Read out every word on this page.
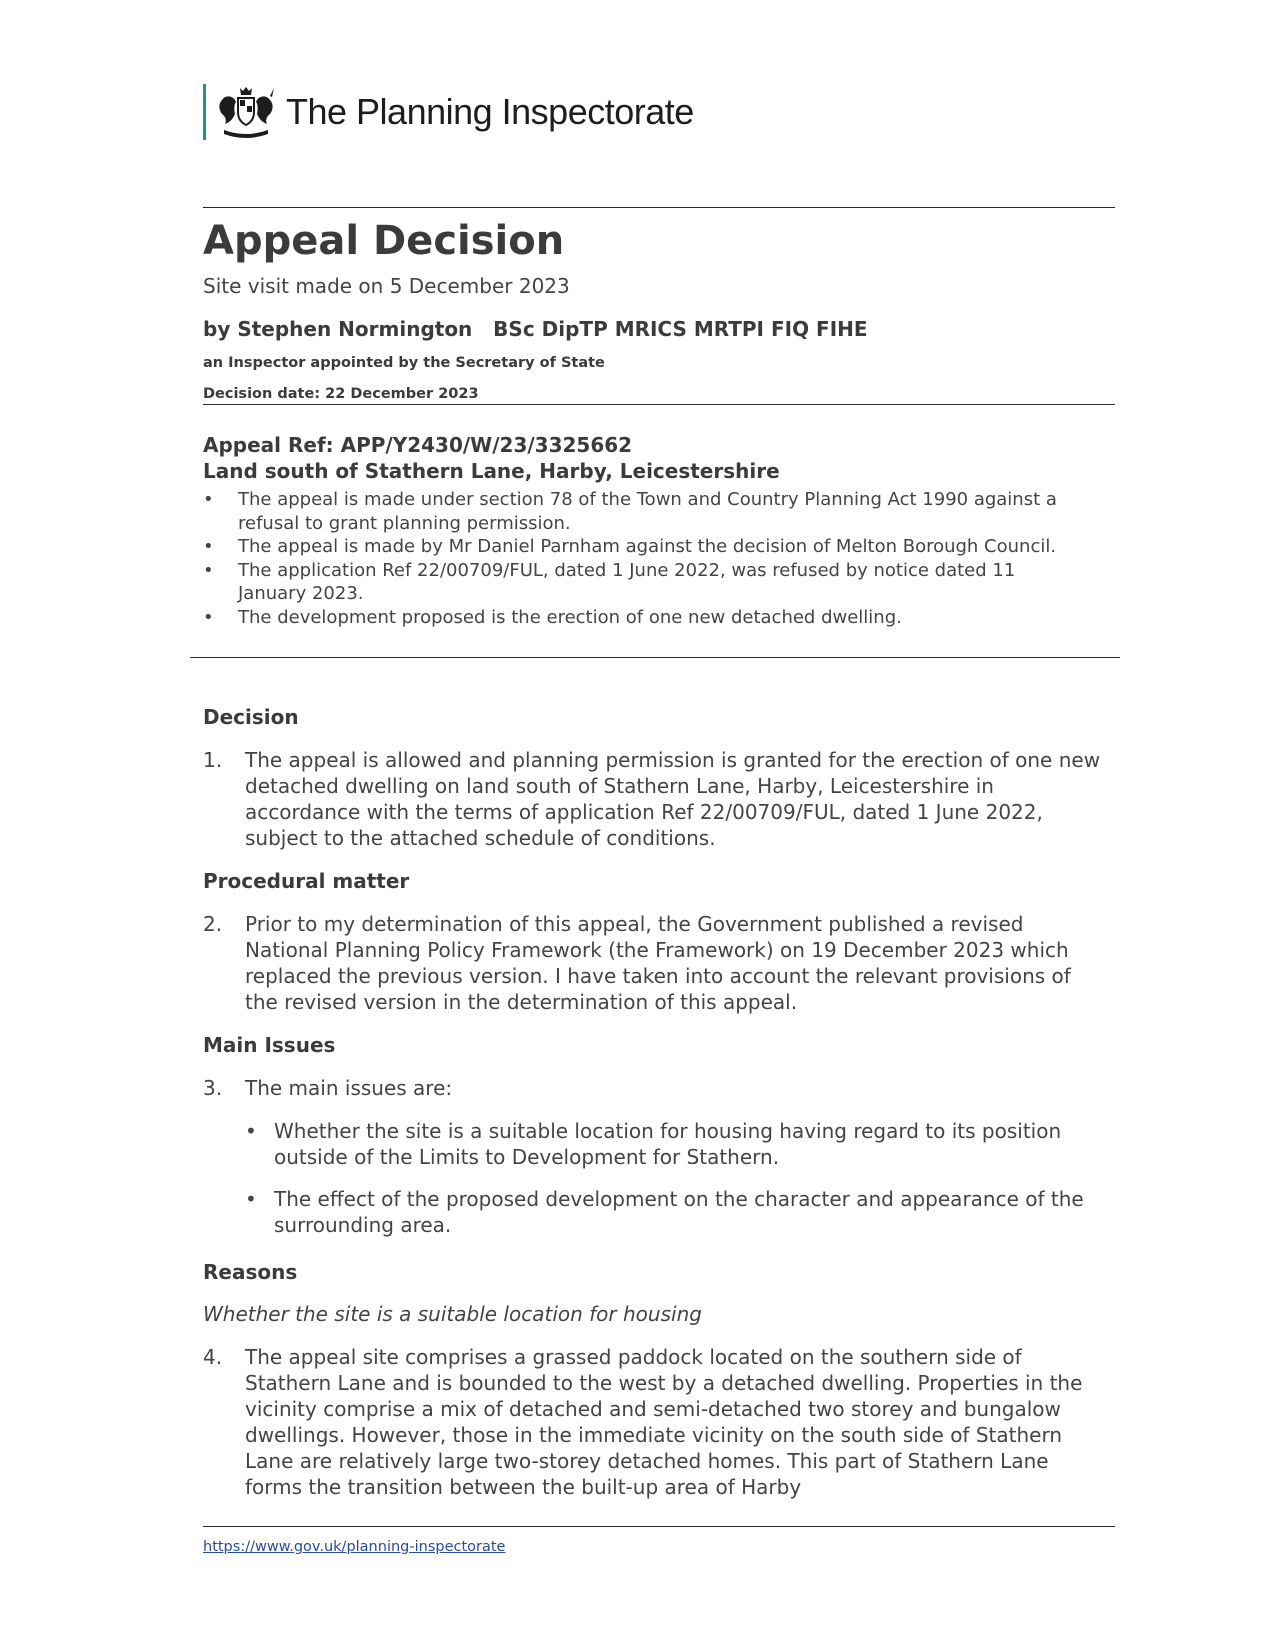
The Planning Inspectorate
Appeal Decision
Site visit made on 5 December 2023
by Stephen Normington   BSc DipTP MRICS MRTPI FIQ FIHE
an Inspector appointed by the Secretary of State
Decision date: 22 December 2023
Appeal Ref: APP/Y2430/W/23/3325662
Land south of Stathern Lane, Harby, Leicestershire
• The appeal is made under section 78 of the Town and Country Planning Act 1990 against a refusal to grant planning permission.
• The appeal is made by Mr Daniel Parnham against the decision of Melton Borough Council.
• The application Ref 22/00709/FUL, dated 1 June 2022, was refused by notice dated 11 January 2023.
• The development proposed is the erection of one new detached dwelling.
Decision
1. The appeal is allowed and planning permission is granted for the erection of one new detached dwelling on land south of Stathern Lane, Harby, Leicestershire in accordance with the terms of application Ref 22/00709/FUL, dated 1 June 2022, subject to the attached schedule of conditions.
Procedural matter
2. Prior to my determination of this appeal, the Government published a revised National Planning Policy Framework (the Framework) on 19 December 2023 which replaced the previous version. I have taken into account the relevant provisions of the revised version in the determination of this appeal.
Main Issues
3. The main issues are:
• Whether the site is a suitable location for housing having regard to its position outside of the Limits to Development for Stathern.
• The effect of the proposed development on the character and appearance of the surrounding area.
Reasons
Whether the site is a suitable location for housing
4. The appeal site comprises a grassed paddock located on the southern side of Stathern Lane and is bounded to the west by a detached dwelling. Properties in the vicinity comprise a mix of detached and semi-detached two storey and bungalow dwellings. However, those in the immediate vicinity on the south side of Stathern Lane are relatively large two-storey detached homes. This part of Stathern Lane forms the transition between the built-up area of Harby
https://www.gov.uk/planning-inspectorate
